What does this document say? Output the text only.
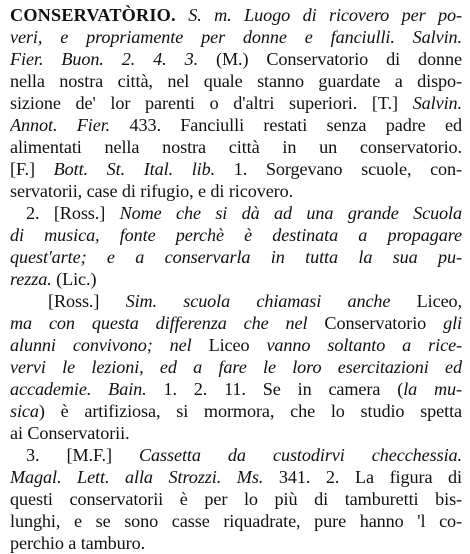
CONSERVATÒRIO. S. m. Luogo di ricovero per po-
veri, e propriamente per donne e fanciulli. Salvin.
Fier. Buon. 2. 4. 3. (M.) Conservatorio di donne
nella nostra città, nel quale stanno guardate a dispo-
sizione de' lor parenti o d'altri superiori. [T.] Salvin.
Annot. Fier. 433. Fanciulli restati senza padre ed
alimentati nella nostra città in un conservatorio.
[F.] Bott. St. Ital. lib. 1. Sorgevano scuole, con-
servatorii, case di rifugio, e di ricovero.
2. [Ross.] Nome che si dà ad una grande Scuola
di musica, fonte perchè è destinata a propagare
quest'arte; e a conservarla in tutta la sua pu-
rezza. (Lic.)
[Ross.] Sim. scuola chiamasi anche Liceo,
ma con questa differenza che nel Conservatorio gli
alunni convivono; nel Liceo vanno soltanto a rice-
vervi le lezioni, ed a fare le loro esercitazioni ed
accademie. Bain. 1. 2. 11. Se in camera (la mu-
sica) è artifiziosa, si mormora, che lo studio spetta
ai Conservatorii.
3. [M.F.] Cassetta da custodirvi checchessia.
Magal. Lett. alla Strozzi. Ms. 341. 2. La figura di
questi conservatorii è per lo più di tamburetti bis-
lunghi, e se sono casse riquadrate, pure hanno 'l co-
perchio a tamburo.
